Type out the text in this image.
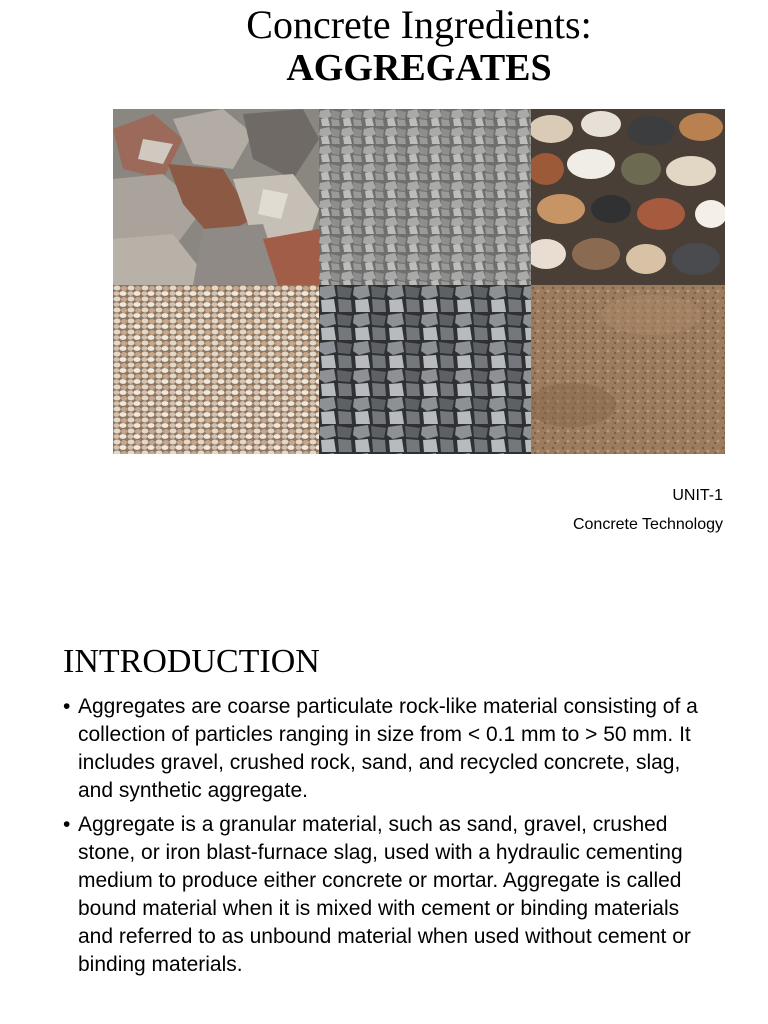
Concrete Ingredients:
AGGREGATES
UNIT-1
Concrete Technology
INTRODUCTION
• Aggregates are coarse particulate rock-like material consisting of a collection of particles ranging in size from < 0.1 mm to > 50 mm. It includes gravel, crushed rock, sand, and recycled concrete, slag, and synthetic aggregate.
• Aggregate is a granular material, such as sand, gravel, crushed stone, or iron blast-furnace slag, used with a hydraulic cementing medium to produce either concrete or mortar. Aggregate is called bound material when it is mixed with cement or binding materials and referred to as unbound material when used without cement or binding materials.
